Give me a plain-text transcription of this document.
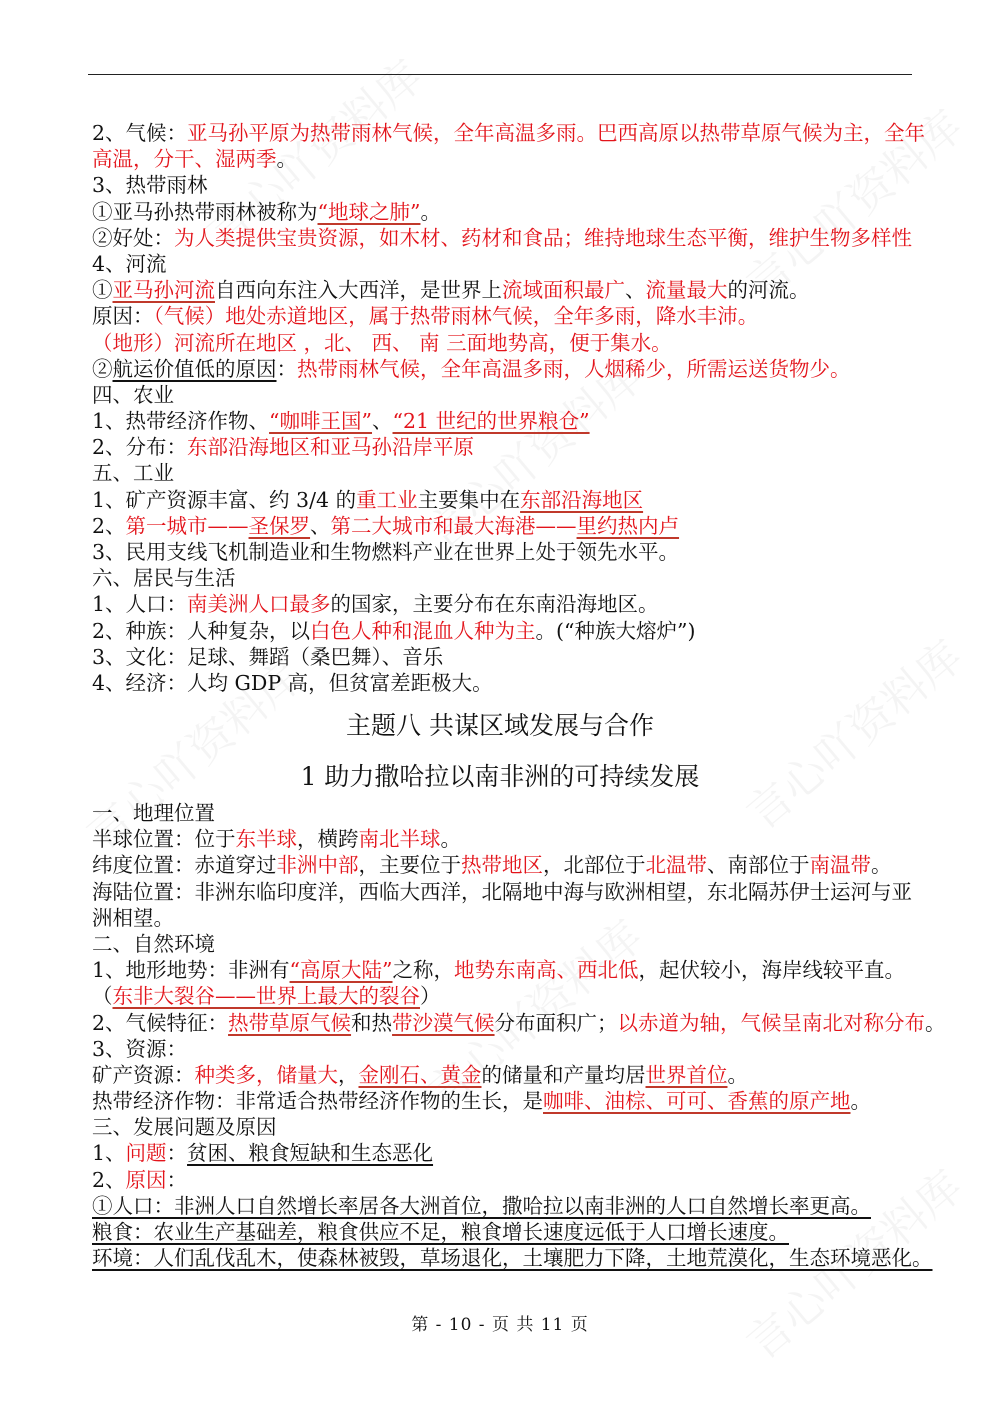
2、气候：亚马孙平原为热带雨林气候，全年高温多雨。巴西高原以热带草原气候为主，全年
高温，分干、湿两季。
3、热带雨林
①亚马孙热带雨林被称为“地球之肺”。
②好处：为人类提供宝贵资源，如木材、药材和食品；维持地球生态平衡，维护生物多样性
4、河流
①亚马孙河流自西向东注入大西洋，是世界上流域面积最广、流量最大的河流。
原因：（气候）地处赤道地区，属于热带雨林气候，全年多雨，降水丰沛。
（地形）河流所在地区 ，北、 西、 南 三面地势高，便于集水。
②航运价值低的原因：热带雨林气候，全年高温多雨，人烟稀少，所需运送货物少。
四、农业
1、热带经济作物、“咖啡王国”、“21 世纪的世界粮仓”
2、分布：东部沿海地区和亚马孙沿岸平原
五、工业
1、矿产资源丰富、约 3/4 的重工业主要集中在东部沿海地区
2、第一城市——圣保罗、第二大城市和最大海港——里约热内卢
3、民用支线飞机制造业和生物燃料产业在世界上处于领先水平。
六、居民与生活
1、人口：南美洲人口最多的国家，主要分布在东南沿海地区。
2、种族：人种复杂，以白色人种和混血人种为主。(“种族大熔炉”)
3、文化：足球、舞蹈（桑巴舞）、音乐
4、经济：人均 GDP 高，但贫富差距极大。
主题八 共谋区域发展与合作
1 助力撒哈拉以南非洲的可持续发展
一、地理位置
半球位置：位于东半球，横跨南北半球。
纬度位置：赤道穿过非洲中部，主要位于热带地区，北部位于北温带、南部位于南温带。
海陆位置：非洲东临印度洋，西临大西洋，北隔地中海与欧洲相望，东北隔苏伊士运河与亚
洲相望。
二、自然环境
1、地形地势：非洲有“高原大陆”之称，地势东南高、西北低，起伏较小，海岸线较平直。
（东非大裂谷——世界上最大的裂谷）
2、气候特征：热带草原气候和热带沙漠气候分布面积广；以赤道为轴，气候呈南北对称分布。
3、资源：
矿产资源：种类多，储量大，金刚石、黄金的储量和产量均居世界首位。
热带经济作物：非常适合热带经济作物的生长，是咖啡、油棕、可可、香蕉的原产地。
三、发展问题及原因
1、问题：贫困、粮食短缺和生态恶化
2、原因：
①人口：非洲人口自然增长率居各大洲首位，撒哈拉以南非洲的人口自然增长率更高。
粮食：农业生产基础差，粮食供应不足，粮食增长速度远低于人口增长速度。
环境：人们乱伐乱木，使森林被毁，草场退化，土壤肥力下降，土地荒漠化，生态环境恶化。
第 - 10 - 页 共 11 页
